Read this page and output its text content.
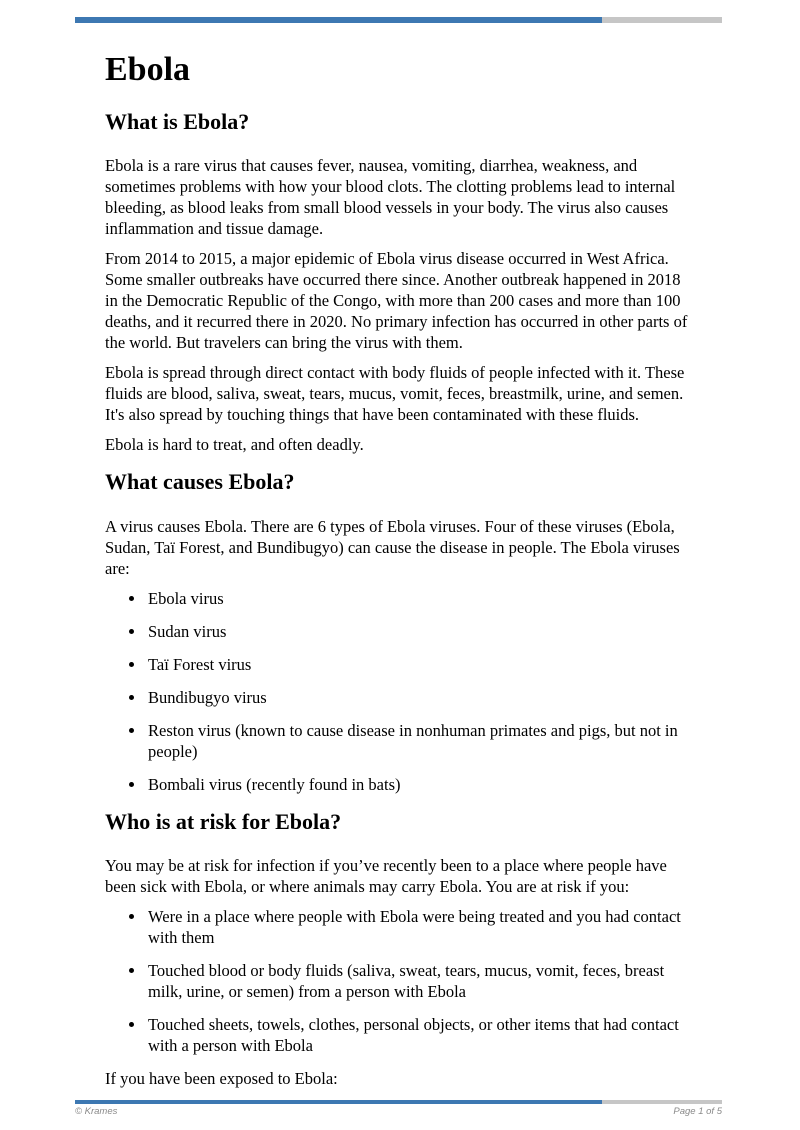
Ebola
What is Ebola?

Ebola is a rare virus that causes fever, nausea, vomiting, diarrhea, weakness, and sometimes problems with how your blood clots. The clotting problems lead to internal bleeding, as blood leaks from small blood vessels in your body. The virus also causes inflammation and tissue damage.

From 2014 to 2015, a major epidemic of Ebola virus disease occurred in West Africa. Some smaller outbreaks have occurred there since. Another outbreak happened in 2018 in the Democratic Republic of the Congo, with more than 200 cases and more than 100 deaths, and it recurred there in 2020. No primary infection has occurred in other parts of the world. But travelers can bring the virus with them.

Ebola is spread through direct contact with body fluids of people infected with it. These fluids are blood, saliva, sweat, tears, mucus, vomit, feces, breastmilk, urine, and semen. It's also spread by touching things that have been contaminated with these fluids.

Ebola is hard to treat, and often deadly.

What causes Ebola?

A virus causes Ebola. There are 6 types of Ebola viruses. Four of these viruses (Ebola, Sudan, Taï Forest, and Bundibugyo) can cause the disease in people. The Ebola viruses are:

• Ebola virus
• Sudan virus
• Taï Forest virus
• Bundibugyo virus
• Reston virus (known to cause disease in nonhuman primates and pigs, but not in people)
• Bombali virus (recently found in bats)
Who is at risk for Ebola?

You may be at risk for infection if you’ve recently been to a place where people have been sick with Ebola, or where animals may carry Ebola. You are at risk if you:

• Were in a place where people with Ebola were being treated and you had contact with them
• Touched blood or body fluids (saliva, sweat, tears, mucus, vomit, feces, breast milk, urine, or semen) from a person with Ebola
• Touched sheets, towels, clothes, personal objects, or other items that had contact with a person with Ebola

If you have been exposed to Ebola:

© Krames	Page 1 of 5
